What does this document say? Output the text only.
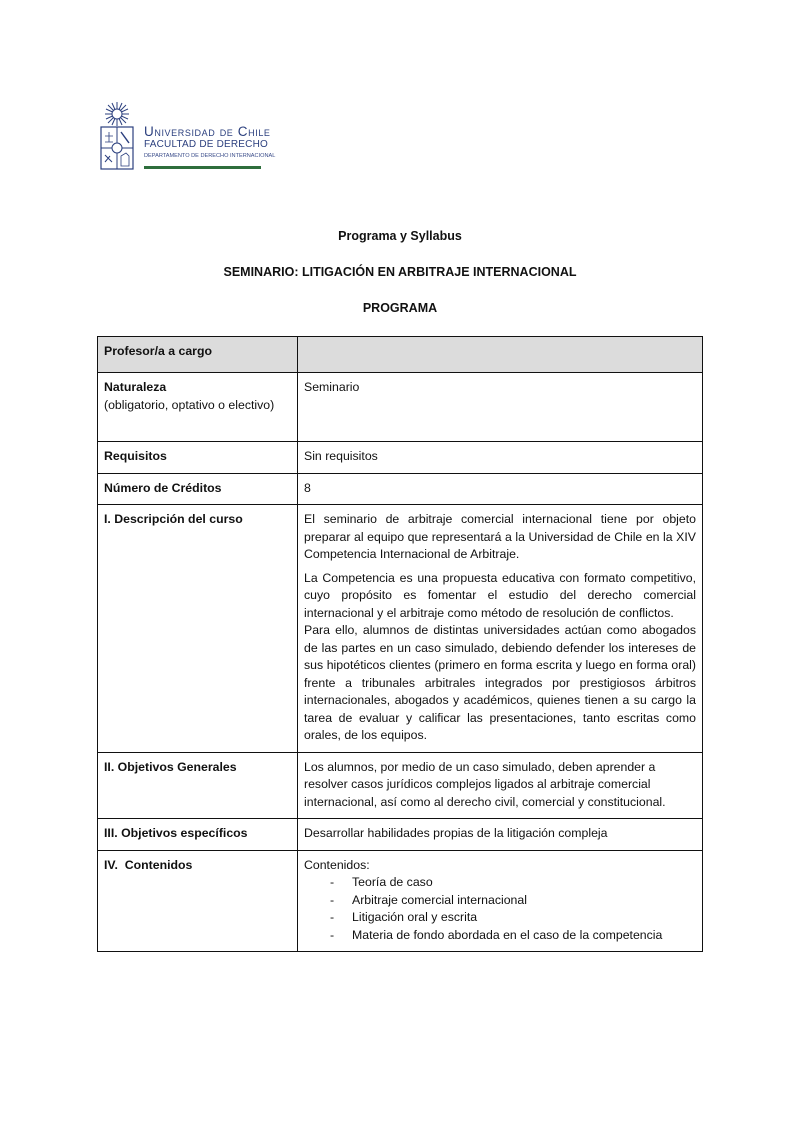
Universidad de Chile
FACULTAD DE DERECHO
DEPARTAMENTO DE DERECHO INTERNACIONAL
Programa y Syllabus
SEMINARIO: LITIGACIÓN EN ARBITRAJE INTERNACIONAL
PROGRAMA
Profesor/a a cargo	

Naturaleza
(obligatorio, optativo o electivo)	Seminario
Requisitos	Sin requisitos
Número de Créditos	8
I. Descripción del curso	El seminario de arbitraje comercial internacional tiene por objeto preparar al equipo que representará a la Universidad de Chile en la XIV Competencia Internacional de Arbitraje.

La Competencia es una propuesta educativa con formato competitivo, cuyo propósito es fomentar el estudio del derecho comercial internacional y el arbitraje como método de resolución de conflictos.

Para ello, alumnos de distintas universidades actúan como abogados de las partes en un caso simulado, debiendo defender los intereses de sus hipotéticos clientes (primero en forma escrita y luego en forma oral) frente a tribunales arbitrales integrados por prestigiosos árbitros internacionales, abogados y académicos, quienes tienen a su cargo la tarea de evaluar y calificar las presentaciones, tanto escritas como orales, de los equipos.

II. Objetivos Generales	Los alumnos, por medio de un caso simulado, deben aprender a resolver casos jurídicos complejos ligados al arbitraje comercial internacional, así como al derecho civil, comercial y constitucional.
III. Objetivos específicos	Desarrollar habilidades propias de la litigación compleja
IV.  Contenidos	Contenidos:
- Teoría de caso
- Arbitraje comercial internacional
- Litigación oral y escrita
- Materia de fondo abordada en el caso de la competencia
